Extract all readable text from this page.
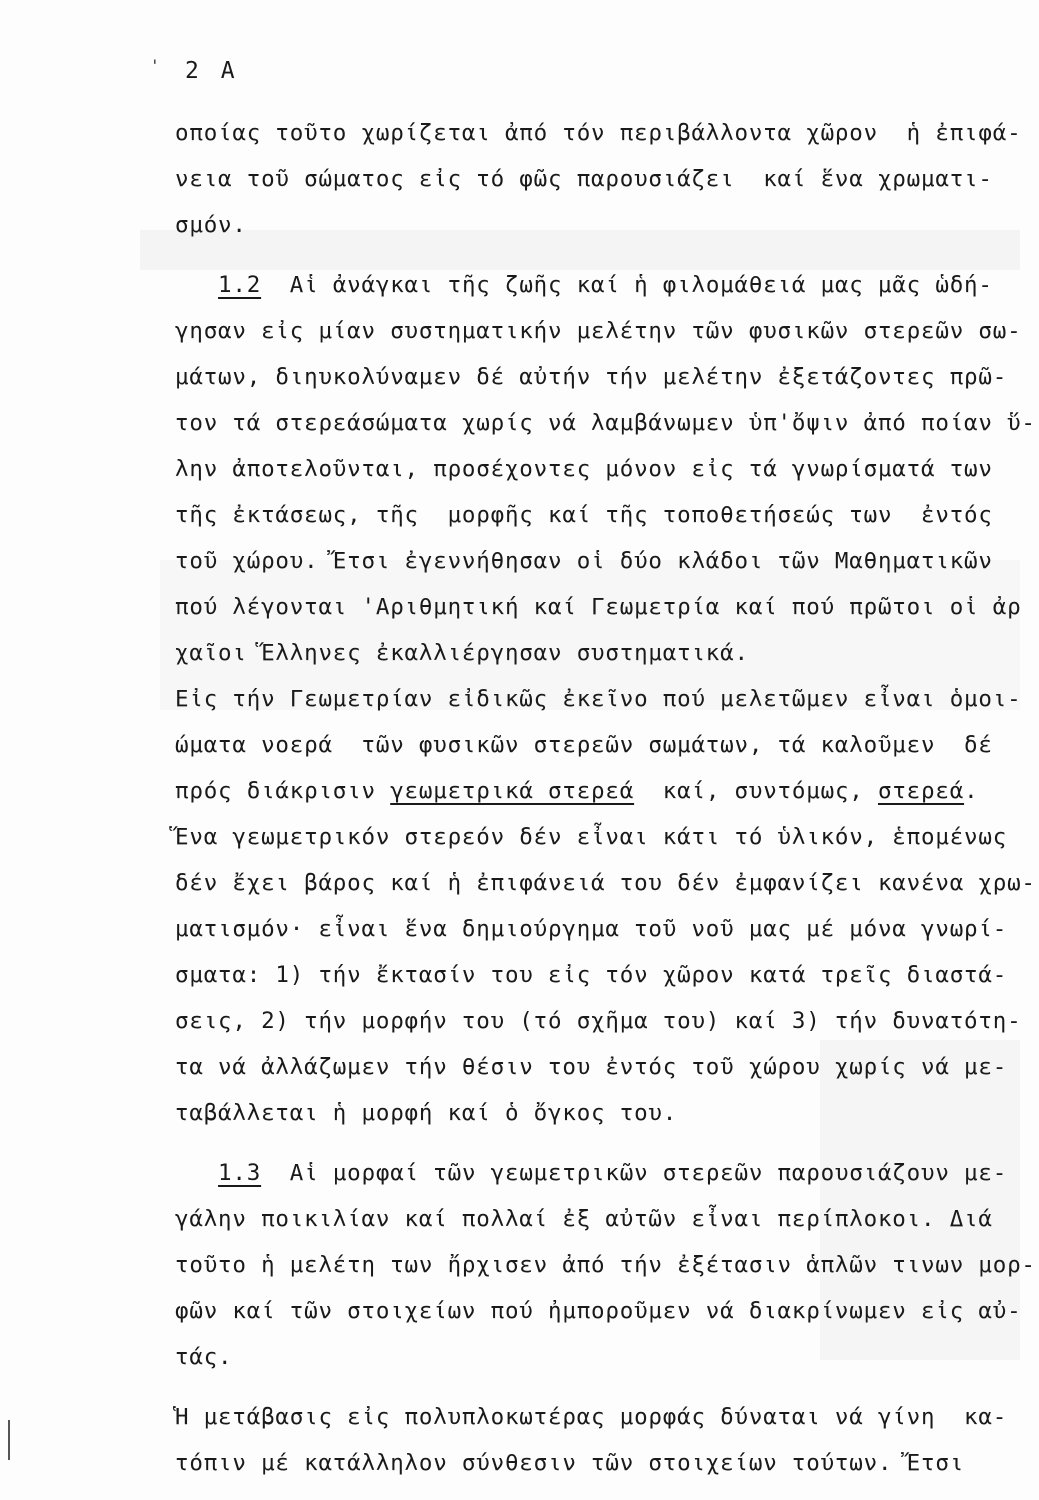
' 2 A
οποίας τοῦτο χωρίζεται ἀπό τόν περιβάλλοντα χῶρον  ἡ ἐπιφά-
νεια τοῦ σώματος εἰς τό φῶς παρουσιάζει  καί ἕνα χρωματι-
σμόν.
1.2  Αἱ ἀνάγκαι τῆς ζωῆς καί ἡ φιλομάθειά μας μᾶς ὡδή-
γησαν εἰς μίαν συστηματικήν μελέτην τῶν φυσικῶν στερεῶν σω-
μάτων, διηυκολύναμεν δέ αὐτήν τήν μελέτην ἐξετάζοντες πρῶ-
τον τά στερεάσώματα χωρίς νά λαμβάνωμεν ὑπ'ὄψιν ἀπό ποίαν ὕ-
λην ἀποτελοῦνται, προσέχοντες μόνον εἰς τά γνωρίσματά των
τῆς ἐκτάσεως, τῆς  μορφῆς καί τῆς τοποθετήσεώς των  ἐντός
τοῦ χώρου. Ἔτσι ἐγεννήθησαν οἱ δύο κλάδοι τῶν Μαθηματικῶν
πού λέγονται 'Αριθμητική καί Γεωμετρία καί πού πρῶτοι οἱ ἀρ
χαῖοι Ἕλληνες ἐκαλλιέργησαν συστηματικά.
Εἰς τήν Γεωμετρίαν εἰδικῶς ἐκεῖνο πού μελετῶμεν εἶναι ὁμοι-
ώματα νοερά  τῶν φυσικῶν στερεῶν σωμάτων, τά καλοῦμεν  δέ
πρός διάκρισιν γεωμετρικά στερεά  καί, συντόμως, στερεά.
Ἕνα γεωμετρικόν στερεόν δέν εἶναι κάτι τό ὑλικόν, ἑπομένως
δέν ἔχει βάρος καί ἡ ἐπιφάνειά του δέν ἐμφανίζει κανένα χρω-
ματισμόν· εἶναι ἕνα δημιούργημα τοῦ νοῦ μας μέ μόνα γνωρί-
σματα: 1) τήν ἔκτασίν του εἰς τόν χῶρον κατά τρεῖς διαστά-
σεις, 2) τήν μορφήν του (τό σχῆμα του) καί 3) τήν δυνατότη-
τα νά ἀλλάζωμεν τήν θέσιν του ἐντός τοῦ χώρου χωρίς νά με-
ταβάλλεται ἡ μορφή καί ὁ ὄγκος του.
1.3  Αἱ μορφαί τῶν γεωμετρικῶν στερεῶν παρουσιάζουν με-
γάλην ποικιλίαν καί πολλαί ἐξ αὐτῶν εἶναι περίπλοκοι. Διά
τοῦτο ἡ μελέτη των ἤρχισεν ἀπό τήν ἐξέτασιν ἁπλῶν τινων μορ-
φῶν καί τῶν στοιχείων πού ἠμποροῦμεν νά διακρίνωμεν εἰς αὐ-
τάς.
Ἡ μετάβασις εἰς πολυπλοκωτέρας μορφάς δύναται νά γίνη  κα-
τόπιν μέ κατάλληλον σύνθεσιν τῶν στοιχείων τούτων. Ἔτσι
